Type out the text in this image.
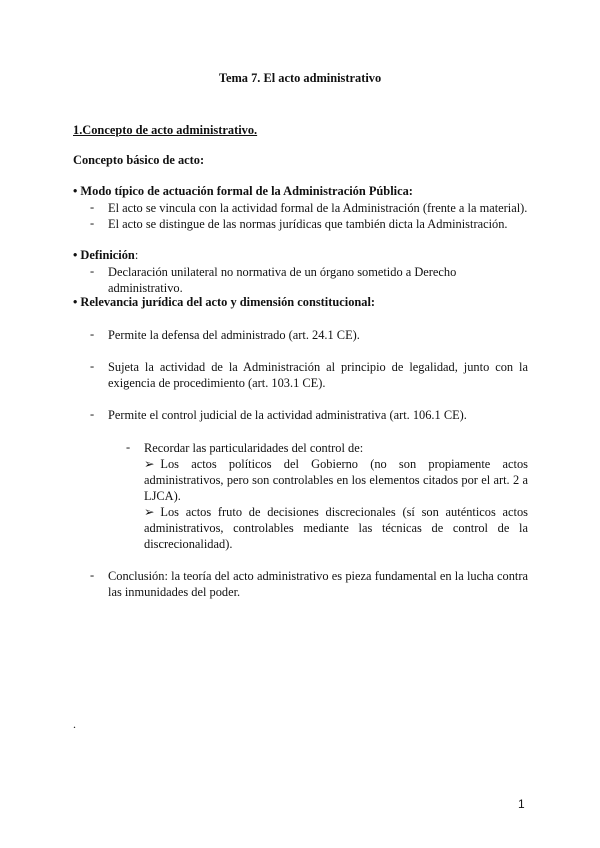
Tema 7. El acto administrativo
1.Concepto de acto administrativo.
Concepto básico de acto:
• Modo típico de actuación formal de la Administración Pública:
-	El acto se vincula con la actividad formal de la Administración (frente a la material).
-	El acto se distingue de las normas jurídicas que también dicta la Administración.
• Definición:
-	Declaración unilateral no normativa de un órgano sometido a Derecho administrativo.
• Relevancia jurídica del acto y dimensión constitucional:
-	Permite la defensa del administrado (art. 24.1 CE).
-	Sujeta la actividad de la Administración al principio de legalidad, junto con la exigencia de procedimiento (art. 103.1 CE).
-	Permite el control judicial de la actividad administrativa (art. 106.1 CE).
-	Recordar las particularidades del control de:
➢ Los actos políticos del Gobierno (no son propiamente actos administrativos, pero son controlables en los elementos citados por el art. 2 a LJCA).
➢ Los actos fruto de decisiones discrecionales (sí son auténticos actos administrativos, controlables mediante las técnicas de control de la discrecionalidad).
-	Conclusión: la teoría del acto administrativo es pieza fundamental en la lucha contra las inmunidades del poder.
.
1
